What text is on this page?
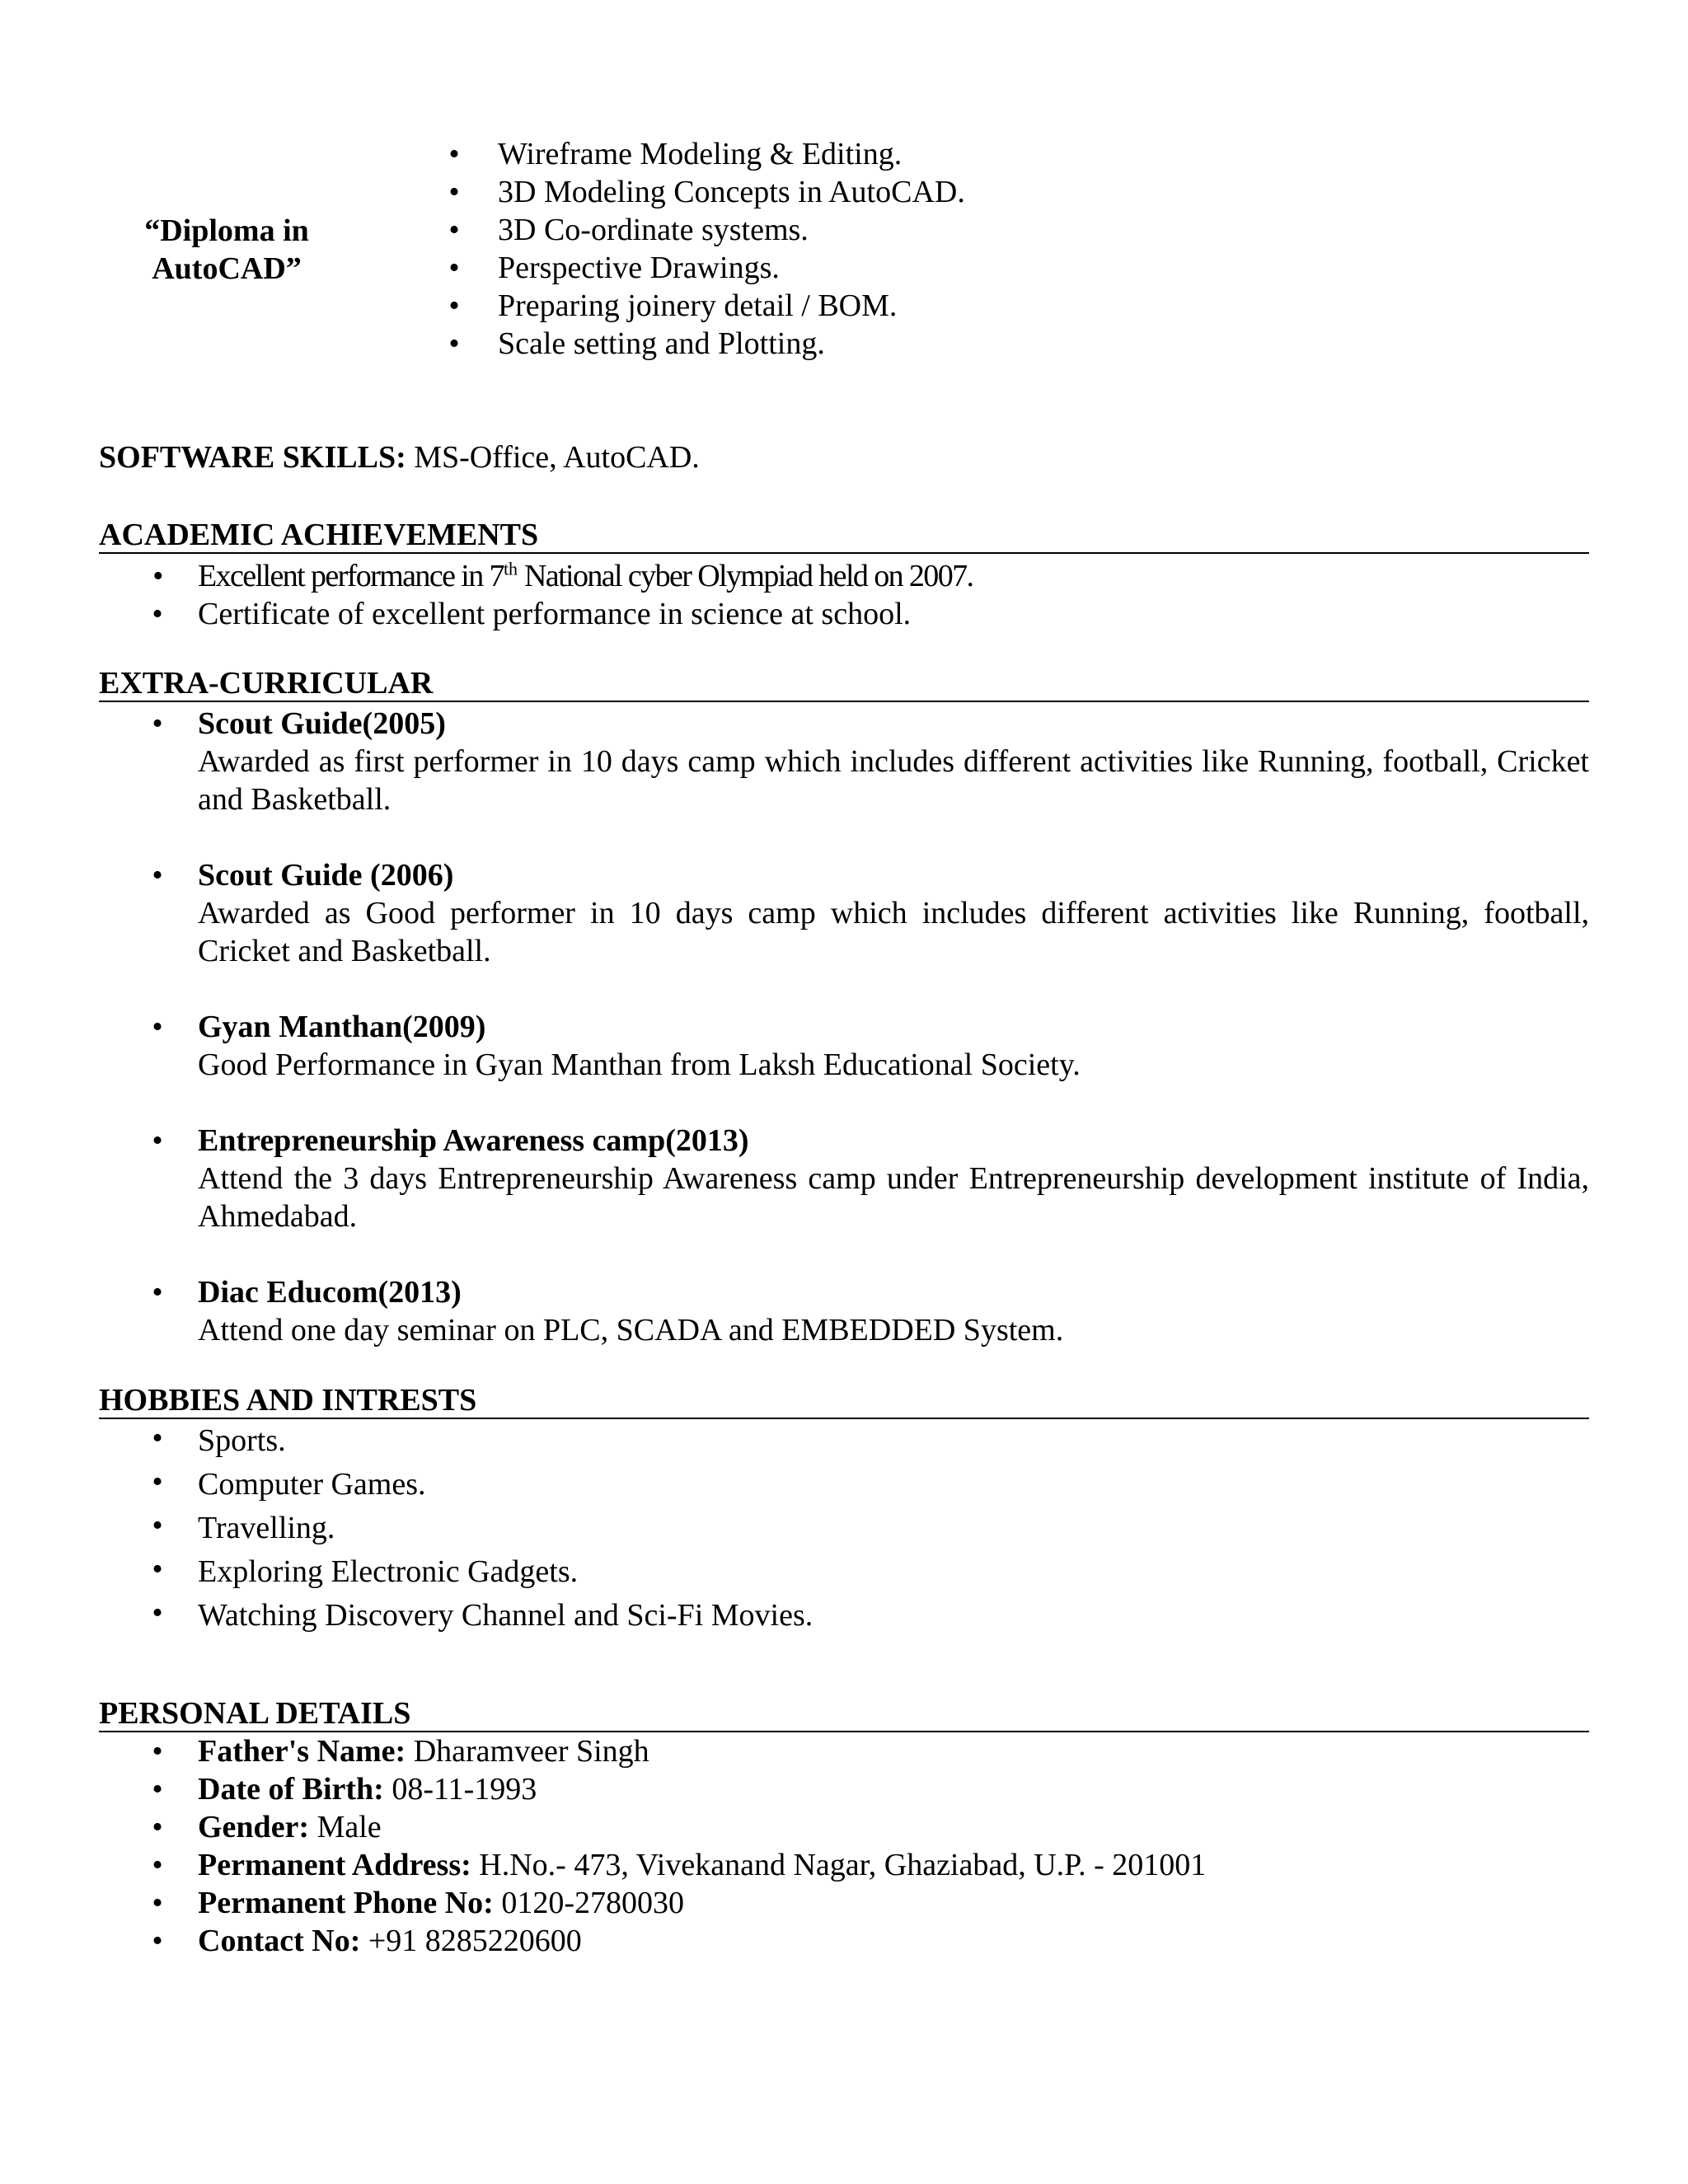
“Diploma in
AutoCAD”
•	Wireframe Modeling & Editing.
•	3D Modeling Concepts in AutoCAD.
•	3D Co-ordinate systems.
•	Perspective Drawings.
•	Preparing joinery detail / BOM.
•	Scale setting and Plotting.
SOFTWARE SKILLS: MS-Office, AutoCAD.
ACADEMIC ACHIEVEMENTS
•	Excellent performance in 7th National cyber Olympiad held on 2007.
•	Certificate of excellent performance in science at school.
EXTRA-CURRICULAR
•	Scout Guide(2005)
Awarded as first performer in 10 days camp which includes different activities like Running, football, Cricket and Basketball.
•	Scout Guide (2006)
Awarded as Good performer in 10 days camp which includes different activities like Running, football, Cricket and Basketball.
•	Gyan Manthan(2009)
Good Performance in Gyan Manthan from Laksh Educational Society.
•	Entrepreneurship Awareness camp(2013)
Attend the 3 days Entrepreneurship Awareness camp under Entrepreneurship development institute of India, Ahmedabad.
•	Diac Educom(2013)
Attend one day seminar on PLC, SCADA and EMBEDDED System.
HOBBIES AND INTRESTS
•	Sports.
•	Computer Games.
•	Travelling.
•	Exploring Electronic Gadgets.
•	Watching Discovery Channel and Sci-Fi Movies.
PERSONAL DETAILS
•	Father's Name: Dharamveer Singh
•	Date of Birth: 08-11-1993
•	Gender: Male
•	Permanent Address: H.No.- 473, Vivekanand Nagar, Ghaziabad, U.P. - 201001
•	Permanent Phone No: 0120-2780030
•	Contact No: +91 8285220600
